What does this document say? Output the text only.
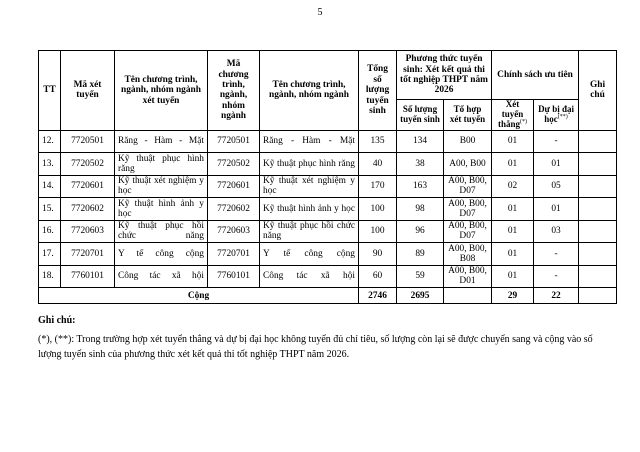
5
TT	Mã xét tuyển	Tên chương trình, ngành, nhóm ngành xét tuyển	Mã chương trình, ngành, nhóm ngành	Tên chương trình, ngành, nhóm ngành	Tổng số lượng tuyển sinh	Phương thức tuyển sinh: Xét kết quả thi tốt nghiệp THPT năm 2026		Chính sách ưu tiên		Ghi chú
						Số lượng tuyển sinh	Tổ hợp xét tuyển	Xét tuyển thẳng(*)	Dự bị đại học(**)
12.	7720501	Răng - Hàm - Mặt	7720501	Răng - Hàm - Mặt	135	134	B00	01	-	
13.	7720502	Kỹ thuật phục hình răng	7720502	Kỹ thuật phục hình răng	40	38	A00, B00	01	01	
14.	7720601	Kỹ thuật xét nghiệm y học	7720601	Kỹ thuật xét nghiệm y học	170	163	A00, B00, D07	02	05	
15.	7720602	Kỹ thuật hình ảnh y học	7720602	Kỹ thuật hình ảnh y học	100	98	A00, B00, D07	01	01	
16.	7720603	Kỹ thuật phục hồi chức năng	7720603	Kỹ thuật phục hồi chức năng	100	96	A00, B00, D07	01	03	
17.	7720701	Y tế công cộng	7720701	Y tế công cộng	90	89	A00, B00, B08	01	-	
18.	7760101	Công tác xã hội	7760101	Công tác xã hội	60	59	A00, B00, D01	01	-	
Cộng					2746	2695		29	22	
Ghi chú:
(*), (**): Trong trường hợp xét tuyển thẳng và dự bị đại học không tuyển đủ chỉ tiêu, số lượng còn lại sẽ được chuyển sang và cộng vào số lượng tuyển sinh của phương thức xét kết quả thi tốt nghiệp THPT năm 2026.
